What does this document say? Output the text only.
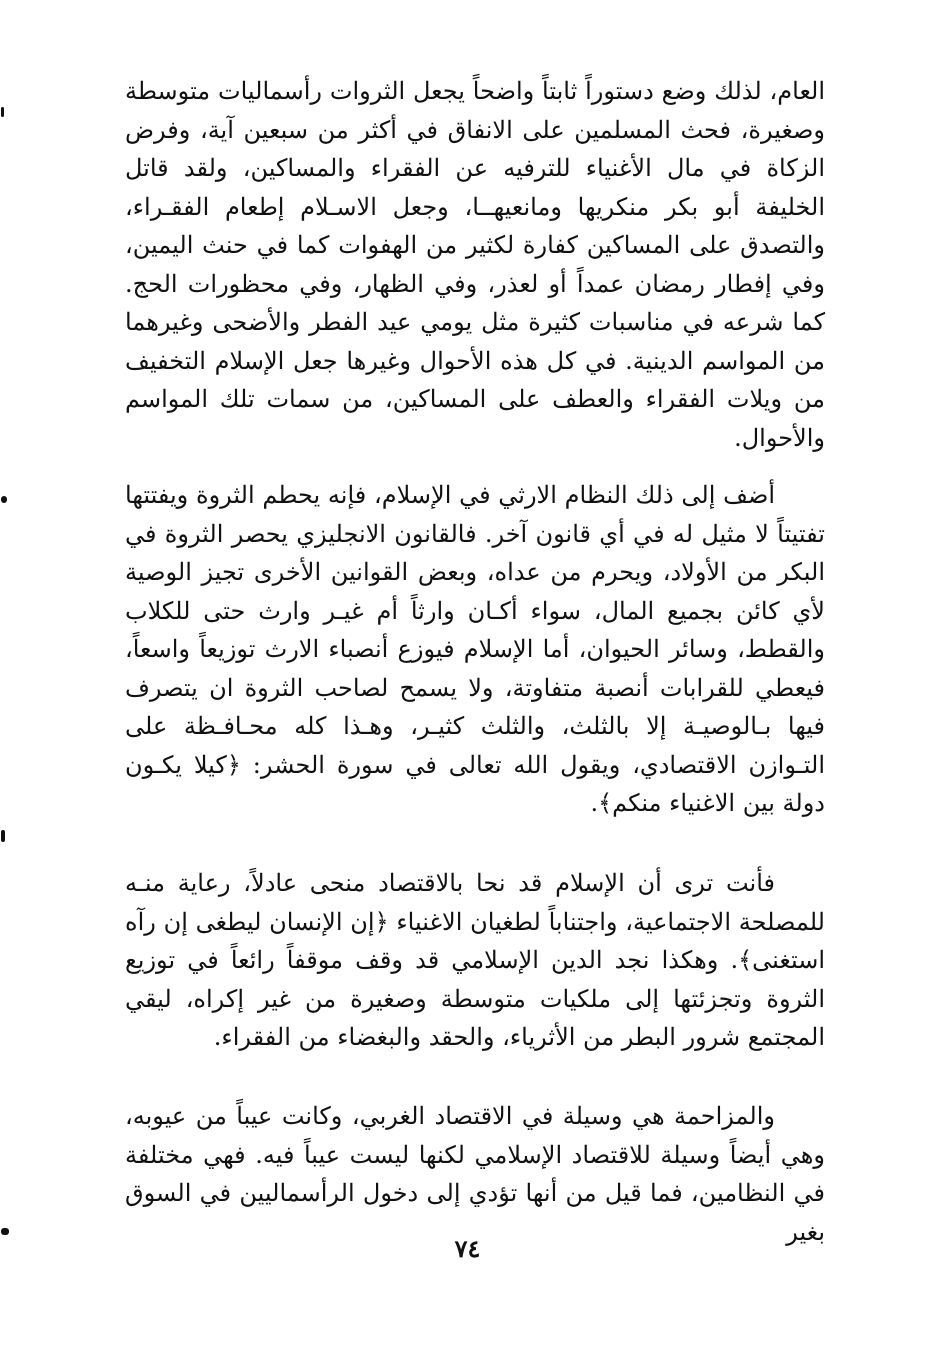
العام، لذلك وضع دستوراً ثابتاً واضحاً يجعل الثروات رأسماليات متوسطة وصغيرة، فحث المسلمين على الانفاق في أكثر من سبعين آية، وفرض الزكاة في مال الأغنياء للترفيه عن الفقراء والمساكين، ولقد قاتل الخليفة أبو بكر منكريها ومانعيهــا، وجعل الاسـلام إطعام الفقـراء، والتصدق على المساكين كفارة لكثير من الهفوات كما في حنث اليمين، وفي إفطار رمضان عمداً أو لعذر، وفي الظهار، وفي محظورات الحج. كما شرعه في مناسبات كثيرة مثل يومي عيد الفطر والأضحى وغيرهما من المواسم الدينية. في كل هذه الأحوال وغيرها جعل الإسلام التخفيف من ويلات الفقراء والعطف على المساكين، من سمات تلك المواسم والأحوال.

أضف إلى ذلك النظام الارثي في الإسلام، فإنه يحطم الثروة ويفتتها تفتيتاً لا مثيل له في أي قانون آخر. فالقانون الانجليزي يحصر الثروة في البكر من الأولاد، ويحرم من عداه، وبعض القوانين الأخرى تجيز الوصية لأي كائن بجميع المال، سواء أكـان وارثاً أم غيـر وارث حتى للكلاب والقطط، وسائر الحيوان، أما الإسلام فيوزع أنصباء الارث توزيعاً واسعاً، فيعطي للقرابات أنصبة متفاوتة، ولا يسمح لصاحب الثروة ان يتصرف فيها بـالوصيـة إلا بالثلث، والثلث كثيـر، وهـذا كله محـافـظة على التـوازن الاقتصادي، ويقول الله تعالى في سورة الحشر: ﴿كيلا يكـون دولة بين الاغنياء منكم﴾.

فأنت ترى أن الإسلام قد نحا بالاقتصاد منحى عادلاً، رعاية منـه للمصلحة الاجتماعية، واجتناباً لطغيان الاغنياء ﴿إن الإنسان ليطغى إن رآه استغنى﴾. وهكذا نجد الدين الإسلامي قد وقف موقفاً رائعاً في توزيع الثروة وتجزئتها إلى ملكيات متوسطة وصغيرة من غير إكراه، ليقي المجتمع شرور البطر من الأثرياء، والحقد والبغضاء من الفقراء.

والمزاحمة هي وسيلة في الاقتصاد الغربي، وكانت عيباً من عيوبه، وهي أيضاً وسيلة للاقتصاد الإسلامي لكنها ليست عيباً فيه. فهي مختلفة في النظامين، فما قيل من أنها تؤدي إلى دخول الرأسماليين في السوق بغير

٧٤
